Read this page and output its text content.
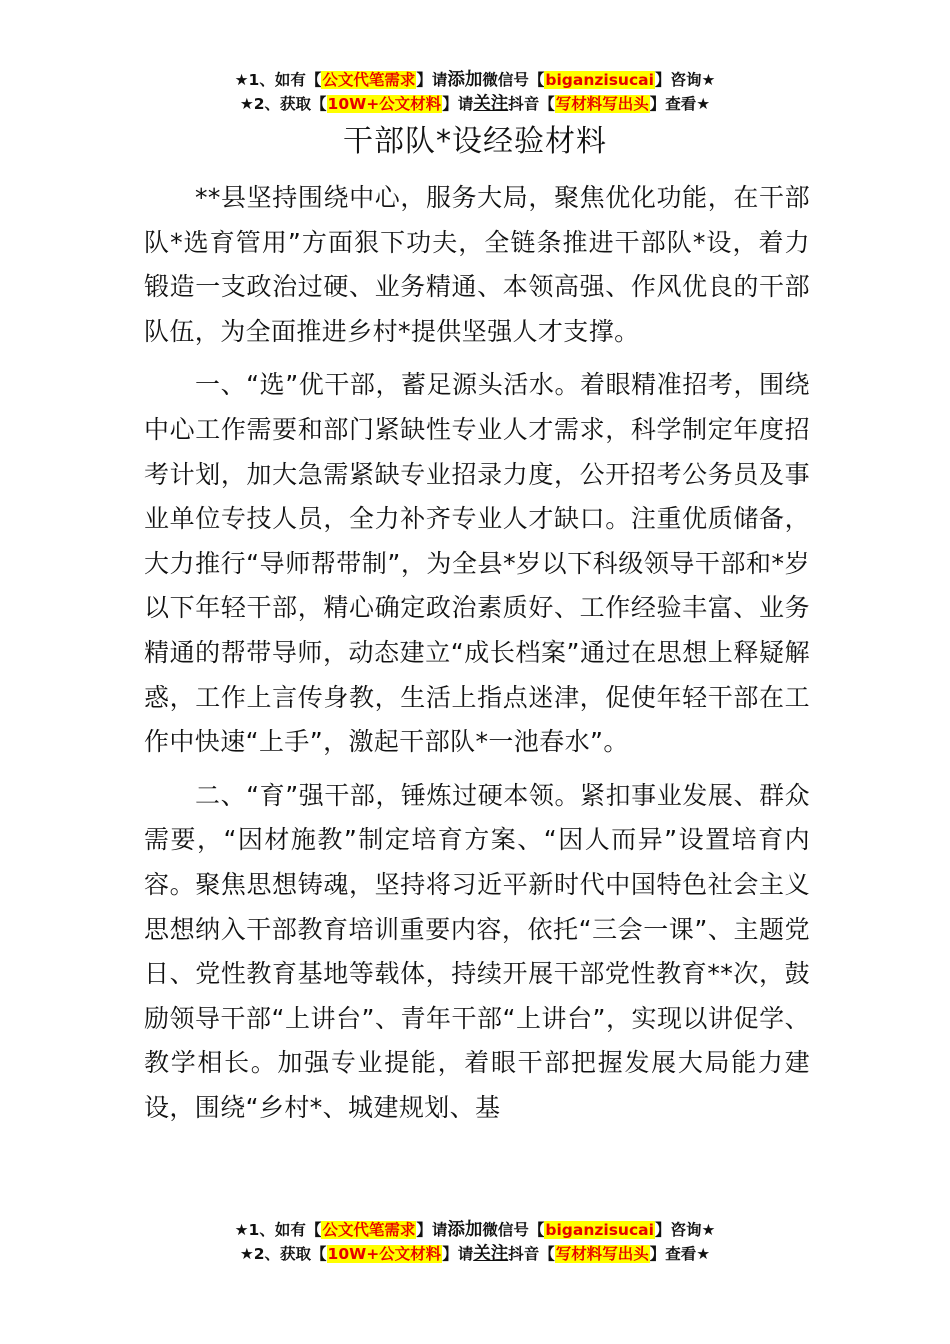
★1、如有【公文代笔需求】请添加微信号【biganzisucai】咨询★
★2、获取【10W+公文材料】请关注抖音【写材料写出头】查看★
干部队*设经验材料

**县坚持围绕中心，服务大局，聚焦优化功能，在干部队*选育管用”方面狠下功夫，全链条推进干部队*设，着力锻造一支政治过硬、业务精通、本领高强、作风优良的干部队伍，为全面推进乡村*提供坚强人才支撑。

一、“选”优干部，蓄足源头活水。着眼精准招考，围绕中心工作需要和部门紧缺性专业人才需求，科学制定年度招考计划，加大急需紧缺专业招录力度，公开招考公务员及事业单位专技人员，全力补齐专业人才缺口。注重优质储备，大力推行“导师帮带制”，为全县*岁以下科级领导干部和*岁以下年轻干部，精心确定政治素质好、工作经验丰富、业务精通的帮带导师，动态建立“成长档案”通过在思想上释疑解惑，工作上言传身教，生活上指点迷津，促使年轻干部在工作中快速“上手”，激起干部队*一池春水”。

二、“育”强干部，锤炼过硬本领。紧扣事业发展、群众需要，“因材施教”制定培育方案、“因人而异”设置培育内容。聚焦思想铸魂，坚持将习近平新时代中国特色社会主义思想纳入干部教育培训重要内容，依托“三会一课”、主题党日、党性教育基地等载体，持续开展干部党性教育**次，鼓励领导干部“上讲台”、青年干部“上讲台”，实现以讲促学、教学相长。加强专业提能，着眼干部把握发展大局能力建设，围绕“乡村*、城建规划、基

★1、如有【公文代笔需求】请添加微信号【biganzisucai】咨询★
★2、获取【10W+公文材料】请关注抖音【写材料写出头】查看★
